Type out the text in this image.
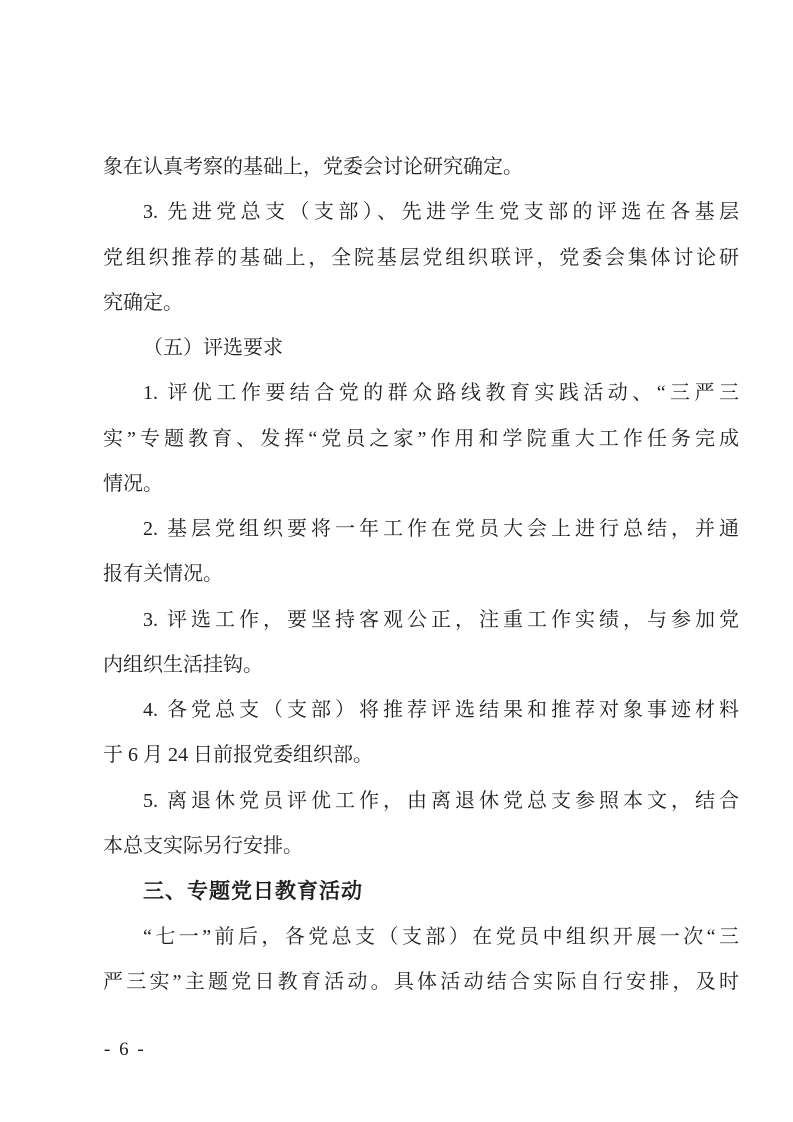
象在认真考察的基础上，党委会讨论研究确定。
3. 先进党总支（支部）、先进学生党支部的评选在各基层
党组织推荐的基础上，全院基层党组织联评，党委会集体讨论研
究确定。
（五）评选要求
1. 评优工作要结合党的群众路线教育实践活动、“三严三
实”专题教育、发挥“党员之家”作用和学院重大工作任务完成
情况。
2. 基层党组织要将一年工作在党员大会上进行总结，并通
报有关情况。
3. 评选工作，要坚持客观公正，注重工作实绩，与参加党
内组织生活挂钩。
4. 各党总支（支部）将推荐评选结果和推荐对象事迹材料
于 6 月 24 日前报党委组织部。
5. 离退休党员评优工作，由离退休党总支参照本文，结合
本总支实际另行安排。
三、专题党日教育活动
“七一”前后，各党总支（支部）在党员中组织开展一次“三
严三实”主题党日教育活动。具体活动结合实际自行安排，及时
- 6 -
